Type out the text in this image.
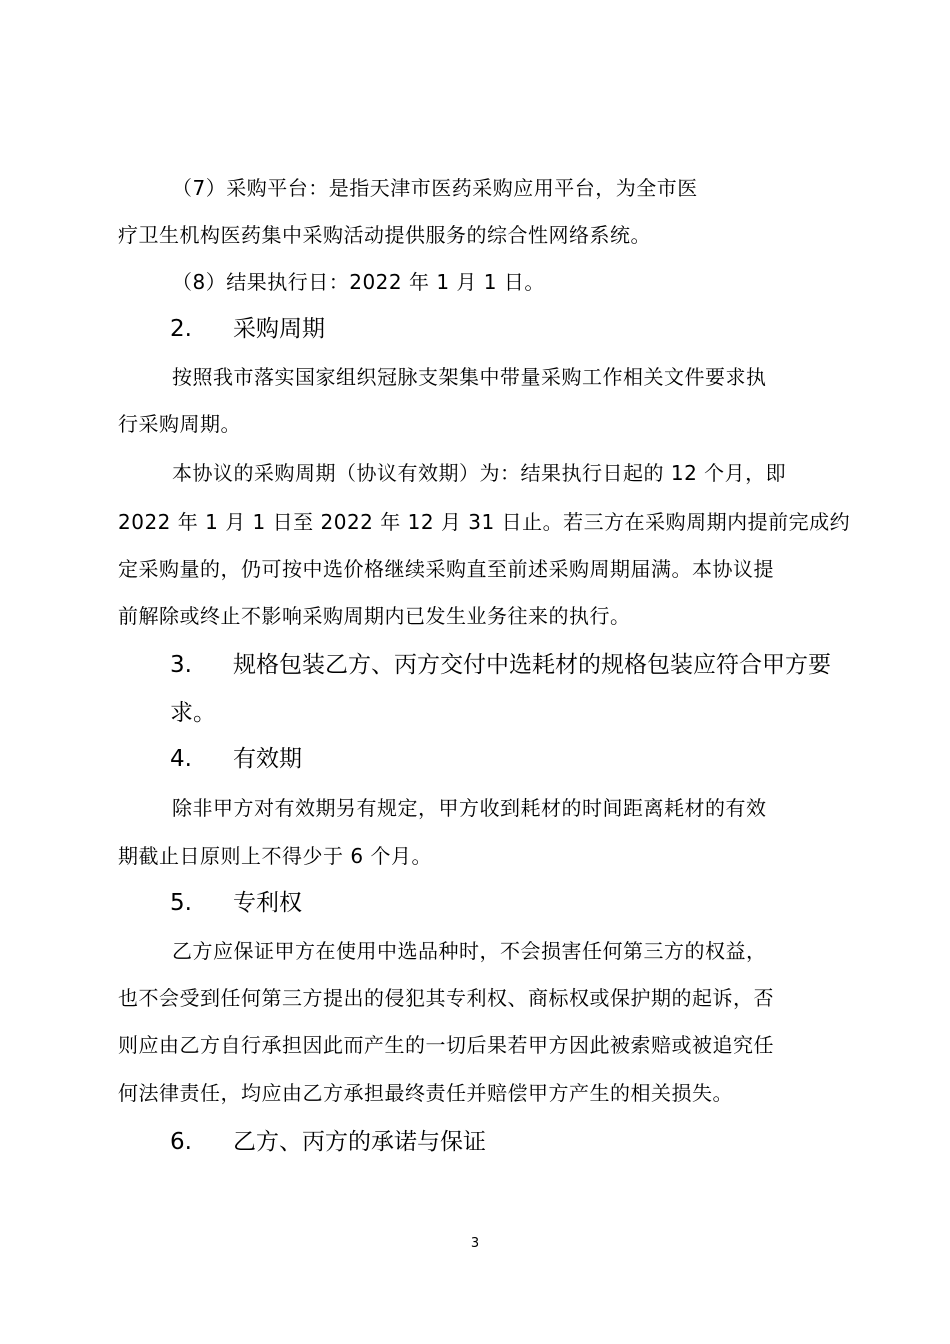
（7）采购平台：是指天津市医药采购应用平台，为全市医
疗卫生机构医药集中采购活动提供服务的综合性网络系统。
（8）结果执行日：2022 年 1 月 1 日。
2. 采购周期
按照我市落实国家组织冠脉支架集中带量采购工作相关文件要求执
行采购周期。
本协议的采购周期（协议有效期）为：结果执行日起的 12 个月，即
2022 年 1 月 1 日至 2022 年 12 月 31 日止。若三方在采购周期内提前完成约
定采购量的，仍可按中选价格继续采购直至前述采购周期届满。本协议提
前解除或终止不影响采购周期内已发生业务往来的执行。
3. 规格包装乙方、丙方交付中选耗材的规格包装应符合甲方要
求。
4. 有效期
除非甲方对有效期另有规定，甲方收到耗材的时间距离耗材的有效
期截止日原则上不得少于 6 个月。
5. 专利权
乙方应保证甲方在使用中选品种时，不会损害任何第三方的权益，
也不会受到任何第三方提出的侵犯其专利权、商标权或保护期的起诉，否
则应由乙方自行承担因此而产生的一切后果若甲方因此被索赔或被追究任
何法律责任，均应由乙方承担最终责任并赔偿甲方产生的相关损失。
6. 乙方、丙方的承诺与保证
3
